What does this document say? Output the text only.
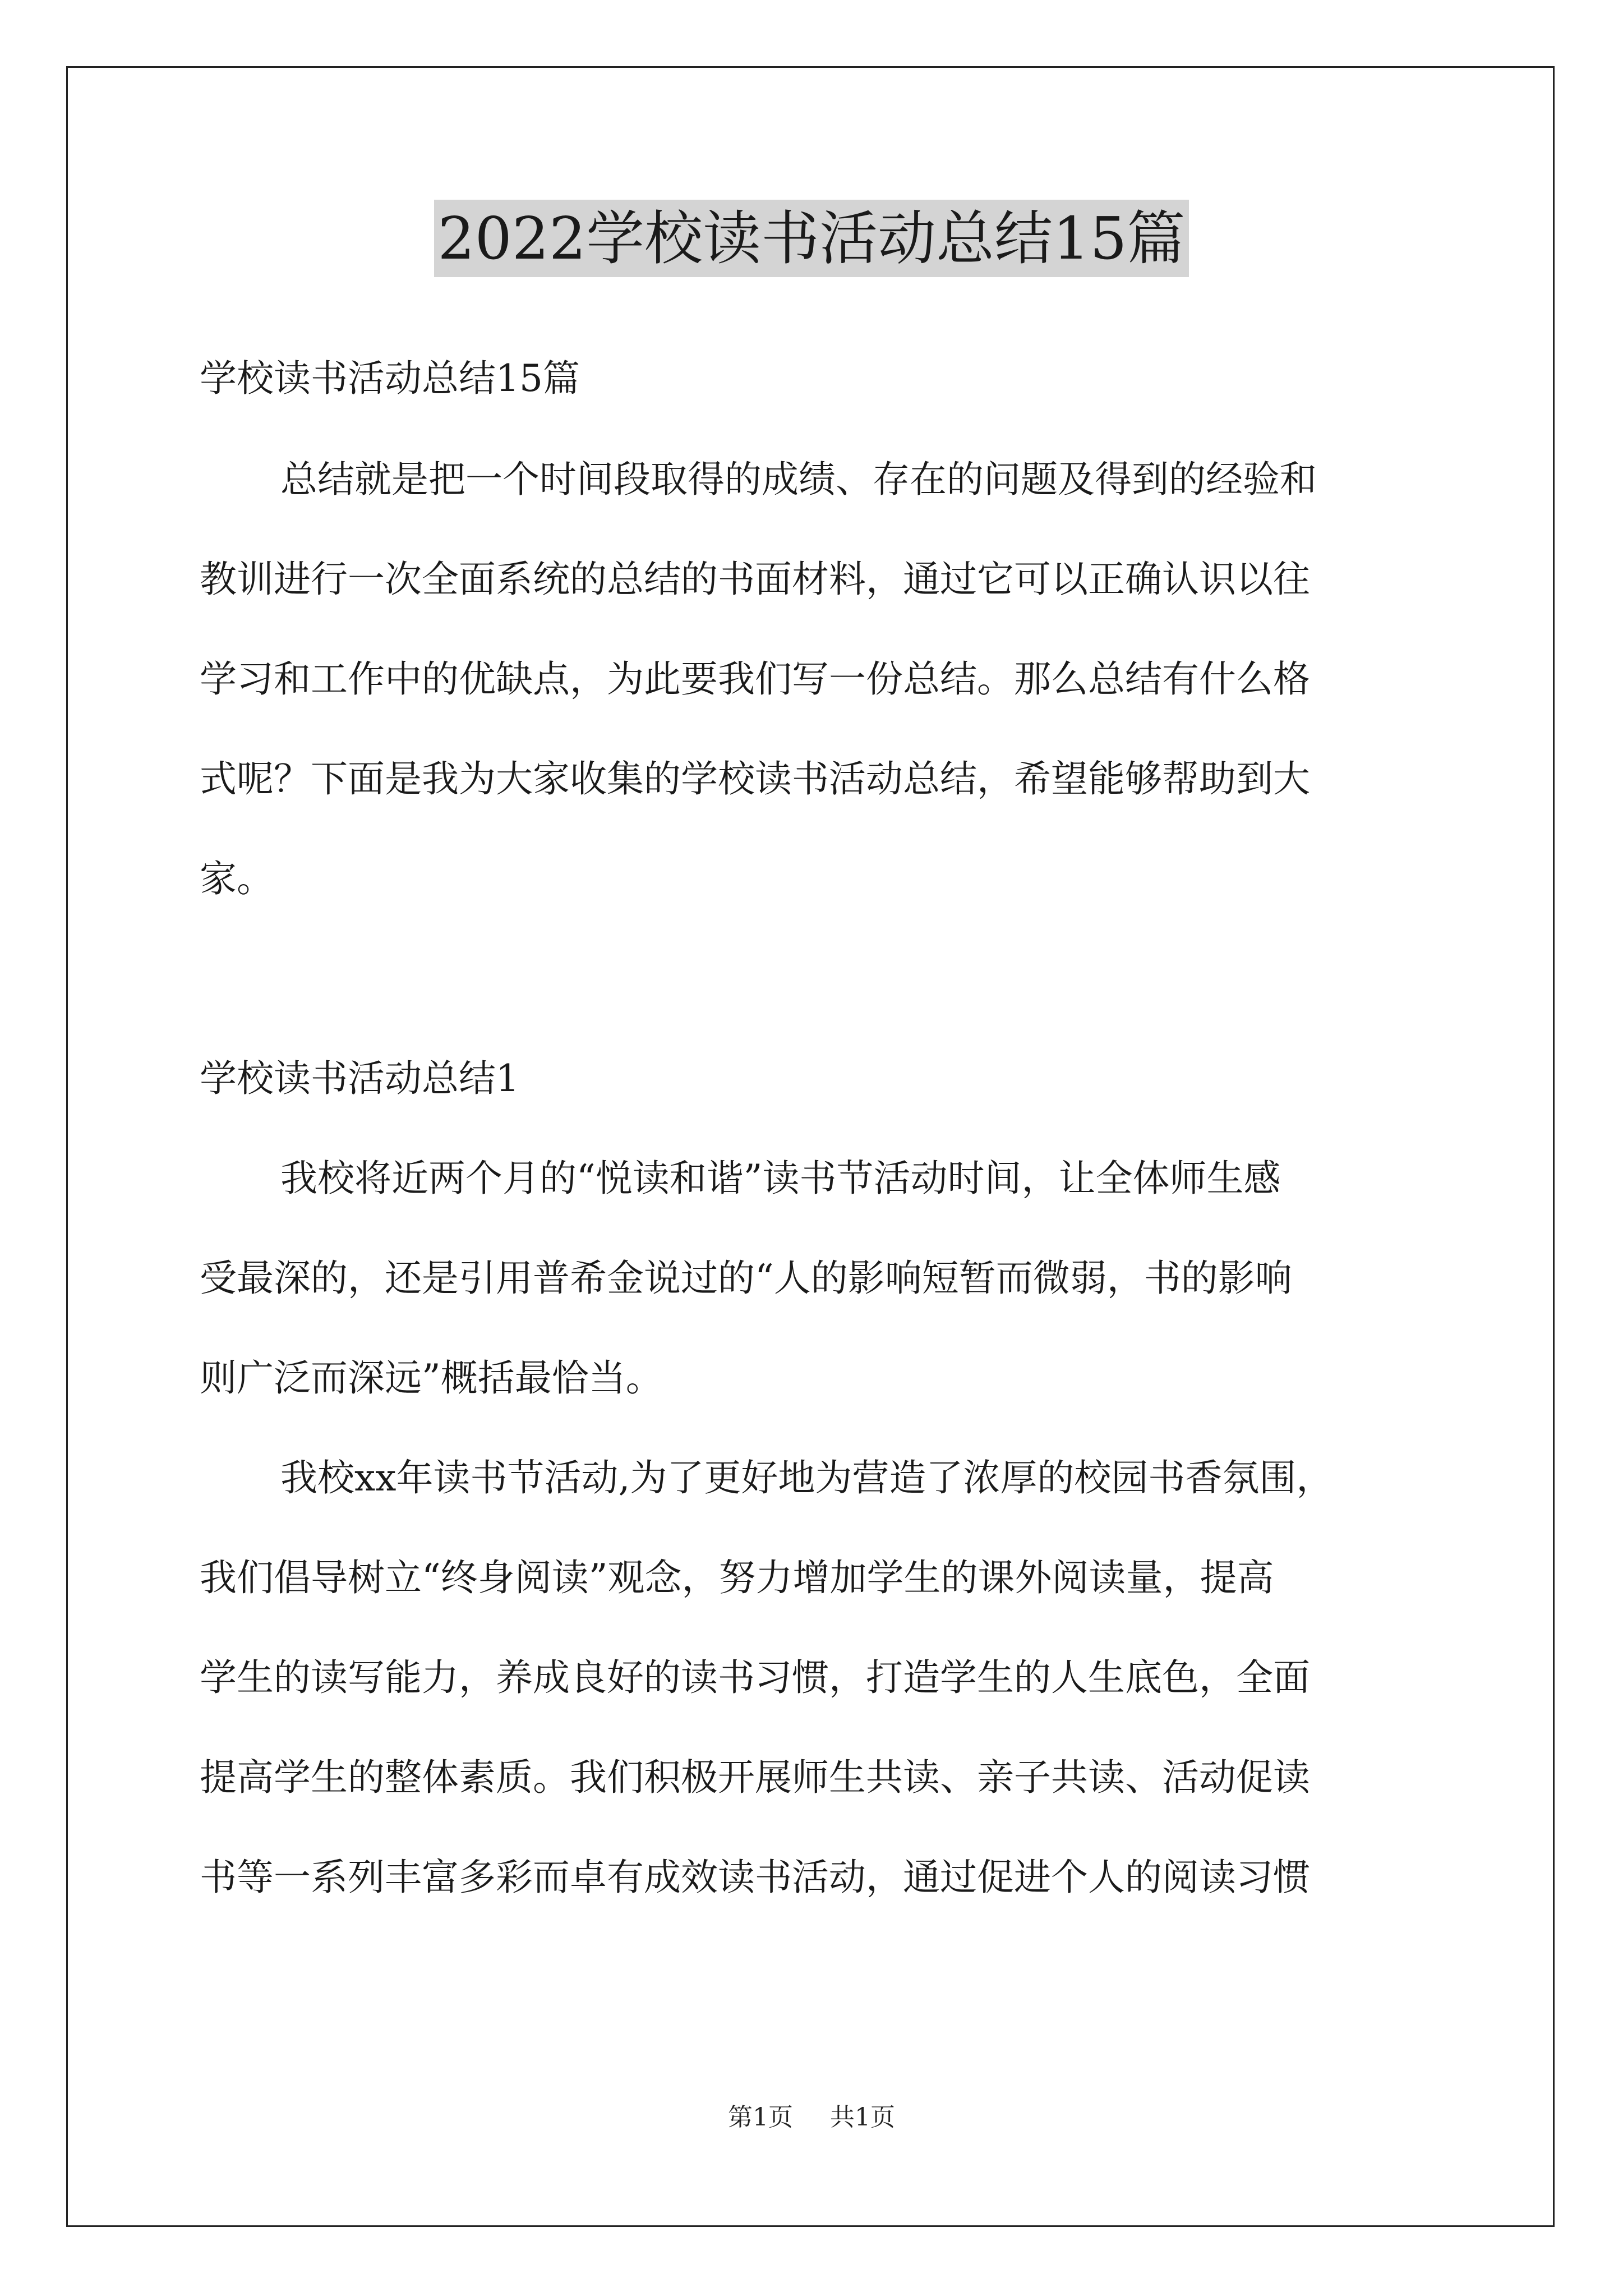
2022学校读书活动总结15篇

学校读书活动总结15篇

总结就是把一个时间段取得的成绩、存在的问题及得到的经验和

教训进行一次全面系统的总结的书面材料，通过它可以正确认识以往

学习和工作中的优缺点，为此要我们写一份总结。那么总结有什么格

式呢？下面是我为大家收集的学校读书活动总结，希望能够帮助到大

家。

学校读书活动总结1

我校将近两个月的“悦读和谐”读书节活动时间，让全体师生感

受最深的，还是引用普希金说过的“人的影响短暂而微弱，书的影响

则广泛而深远”概括最恰当。

我校xx年读书节活动,为了更好地为营造了浓厚的校园书香氛围，

我们倡导树立“终身阅读”观念，努力增加学生的课外阅读量，提高

学生的读写能力，养成良好的读书习惯，打造学生的人生底色，全面

提高学生的整体素质。我们积极开展师生共读、亲子共读、活动促读

书等一系列丰富多彩而卓有成效读书活动，通过促进个人的阅读习惯

第1页 共1页
